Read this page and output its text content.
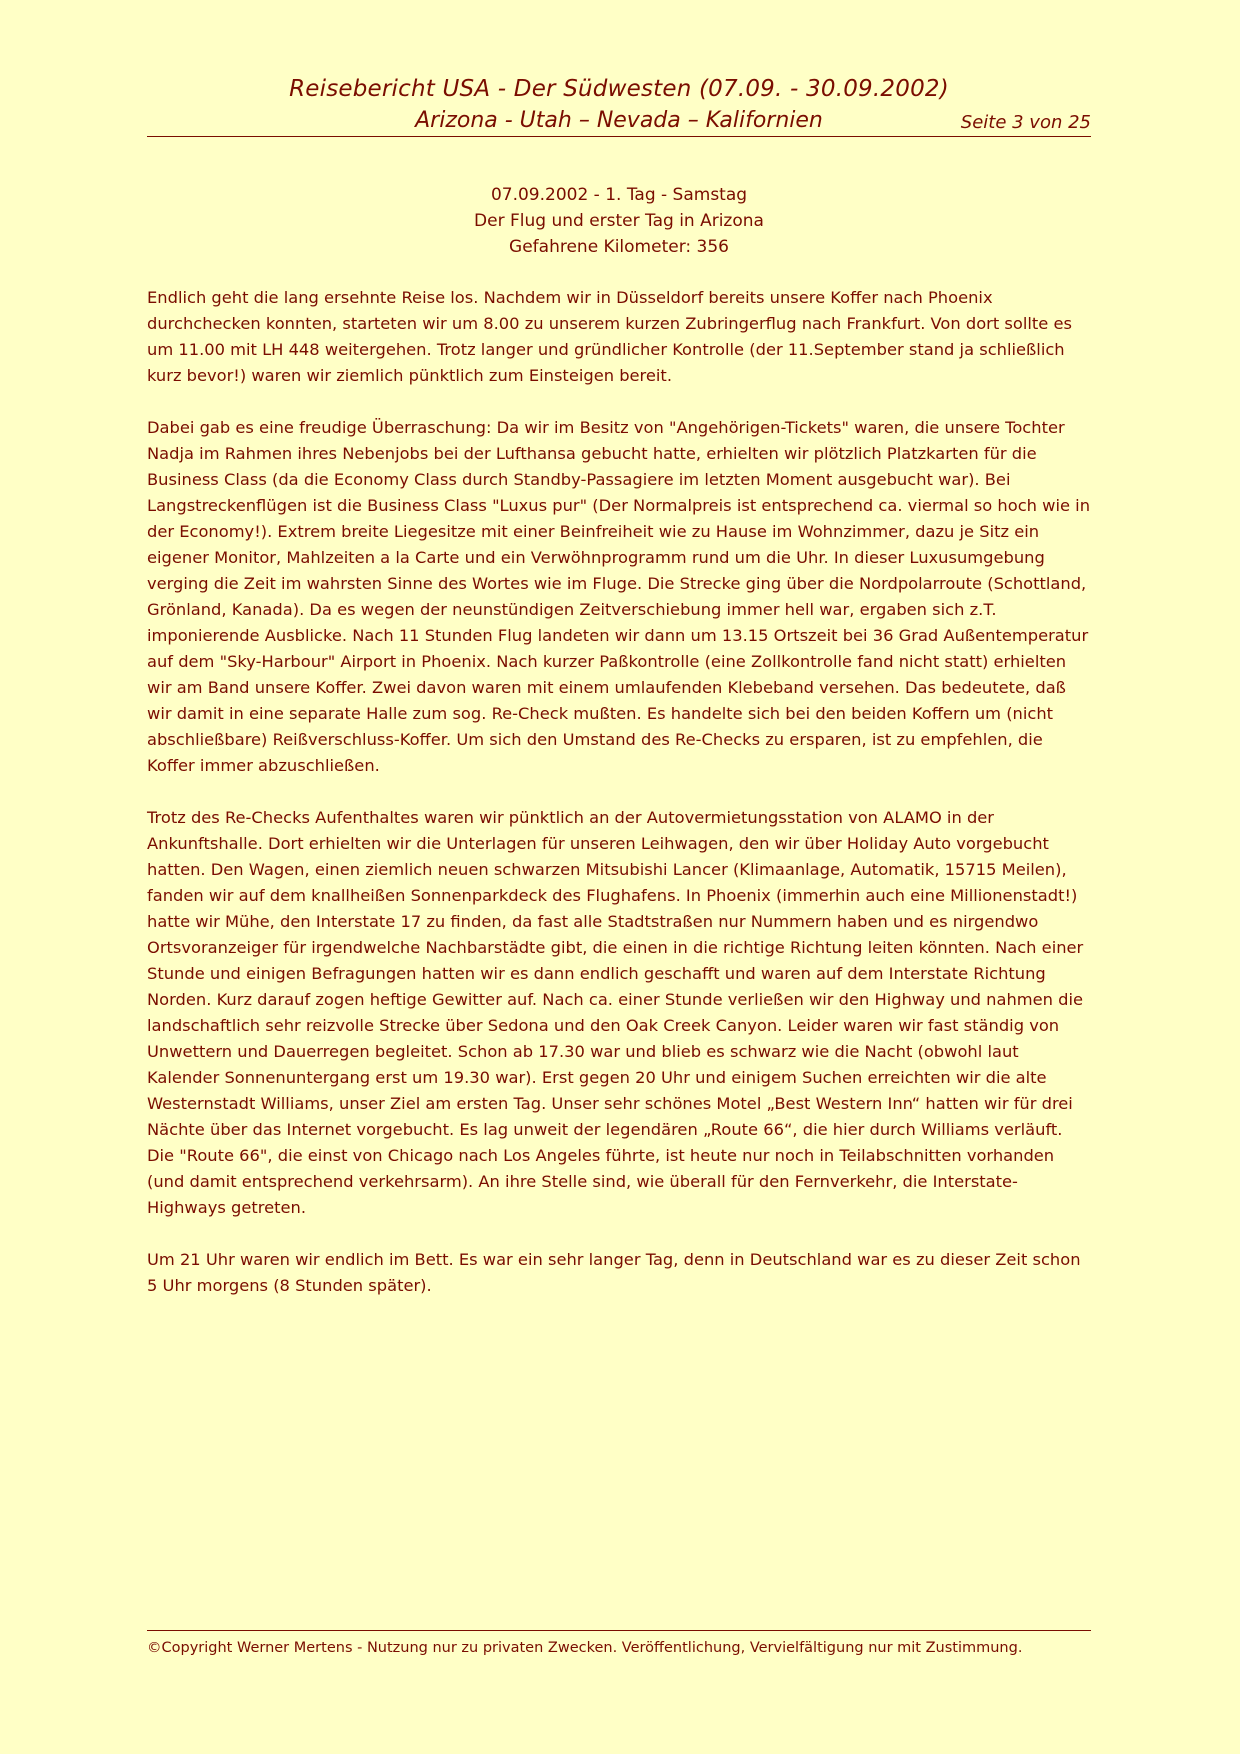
Reisebericht USA - Der Südwesten (07.09. - 30.09.2002)
Arizona - Utah – Nevada – Kalifornien	Seite 3 von 25
07.09.2002 - 1. Tag - Samstag
Der Flug und erster Tag in Arizona
Gefahrene Kilometer: 356

Endlich geht die lang ersehnte Reise los. Nachdem wir in Düsseldorf bereits unsere Koffer nach Phoenix durchchecken konnten, starteten wir um 8.00 zu unserem kurzen Zubringerflug nach Frankfurt. Von dort sollte es um 11.00 mit LH 448 weitergehen. Trotz langer und gründlicher Kontrolle (der 11.September stand ja schließlich kurz bevor!) waren wir ziemlich pünktlich zum Einsteigen bereit.

Dabei gab es eine freudige Überraschung: Da wir im Besitz von "Angehörigen-Tickets" waren, die unsere Tochter Nadja im Rahmen ihres Nebenjobs bei der Lufthansa gebucht hatte, erhielten wir plötzlich Platzkarten für die Business Class (da die Economy Class durch Standby-Passagiere im letzten Moment ausgebucht war). Bei Langstreckenflügen ist die Business Class "Luxus pur" (Der Normalpreis ist entsprechend ca. viermal so hoch wie in der Economy!). Extrem breite Liegesitze mit einer Beinfreiheit wie zu Hause im Wohnzimmer, dazu je Sitz ein eigener Monitor, Mahlzeiten a la Carte und ein Verwöhnprogramm rund um die Uhr. In dieser Luxusumgebung verging die Zeit im wahrsten Sinne des Wortes wie im Fluge. Die Strecke ging über die Nordpolarroute (Schottland, Grönland, Kanada). Da es wegen der neunstündigen Zeitverschiebung immer hell war, ergaben sich z.T. imponierende Ausblicke. Nach 11 Stunden Flug landeten wir dann um 13.15 Ortszeit bei 36 Grad Außentemperatur auf dem "Sky-Harbour" Airport in Phoenix. Nach kurzer Paßkontrolle (eine Zollkontrolle fand nicht statt) erhielten wir am Band unsere Koffer. Zwei davon waren mit einem umlaufenden Klebeband versehen. Das bedeutete, daß wir damit in eine separate Halle zum sog. Re-Check mußten. Es handelte sich bei den beiden Koffern um (nicht abschließbare) Reißverschluss-Koffer. Um sich den Umstand des Re-Checks zu ersparen, ist zu empfehlen, die Koffer immer abzuschließen.

Trotz des Re-Checks Aufenthaltes waren wir pünktlich an der Autovermietungsstation von ALAMO in der Ankunftshalle. Dort erhielten wir die Unterlagen für unseren Leihwagen, den wir über Holiday Auto vorgebucht hatten. Den Wagen, einen ziemlich neuen schwarzen Mitsubishi Lancer (Klimaanlage, Automatik, 15715 Meilen), fanden wir auf dem knallheißen Sonnenparkdeck des Flughafens. In Phoenix (immerhin auch eine Millionenstadt!) hatte wir Mühe, den Interstate 17 zu finden, da fast alle Stadtstraßen nur Nummern haben und es nirgendwo Ortsvoranzeiger für irgendwelche Nachbarstädte gibt, die einen in die richtige Richtung leiten könnten. Nach einer Stunde und einigen Befragungen hatten wir es dann endlich geschafft und waren auf dem Interstate Richtung Norden. Kurz darauf zogen heftige Gewitter auf. Nach ca. einer Stunde verließen wir den Highway und nahmen die landschaftlich sehr reizvolle Strecke über Sedona und den Oak Creek Canyon. Leider waren wir fast ständig von Unwettern und Dauerregen begleitet. Schon ab 17.30 war und blieb es schwarz wie die Nacht (obwohl laut Kalender Sonnenuntergang erst um 19.30 war). Erst gegen 20 Uhr und einigem Suchen erreichten wir die alte Westernstadt Williams, unser Ziel am ersten Tag. Unser sehr schönes Motel „Best Western Inn“ hatten wir für drei Nächte über das Internet vorgebucht. Es lag unweit der legendären „Route 66“, die hier durch Williams verläuft. Die "Route 66", die einst von Chicago nach Los Angeles führte, ist heute nur noch in Teilabschnitten vorhanden (und damit entsprechend verkehrsarm). An ihre Stelle sind, wie überall für den Fernverkehr, die Interstate-Highways getreten.

Um 21 Uhr waren wir endlich im Bett. Es war ein sehr langer Tag, denn in Deutschland war es zu dieser Zeit schon 5 Uhr morgens (8 Stunden später).

©Copyright Werner Mertens - Nutzung nur zu privaten Zwecken. Veröffentlichung, Vervielfältigung nur mit Zustimmung.
